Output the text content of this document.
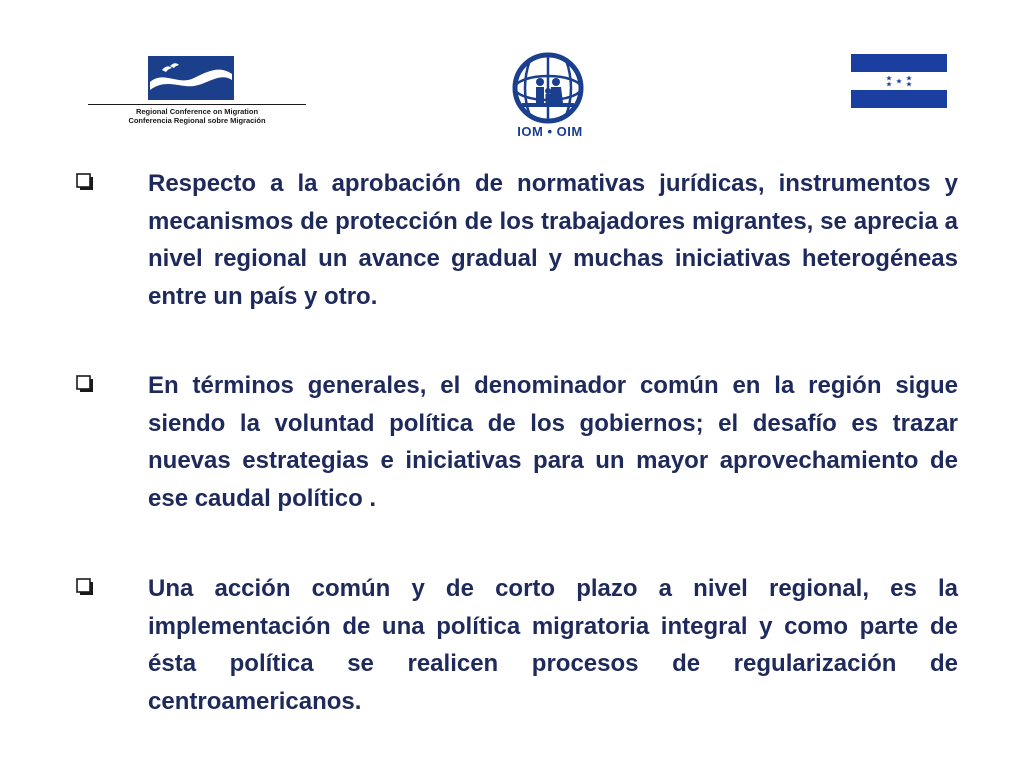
Regional Conference on Migration
Conferencia Regional sobre Migración
IOM • OIM

Respecto a la aprobación de normativas jurídicas, instrumentos y mecanismos de protección de los trabajadores migrantes, se aprecia a nivel regional un avance gradual y muchas iniciativas heterogéneas entre un país y otro.

En términos generales, el denominador común en la región sigue siendo la voluntad política de los gobiernos; el desafío es trazar nuevas estrategias e iniciativas para un mayor aprovechamiento de ese caudal político .

Una acción común y de corto plazo a nivel regional, es la implementación de una política migratoria integral y como parte de ésta política se realicen procesos de regularización de centroamericanos.
